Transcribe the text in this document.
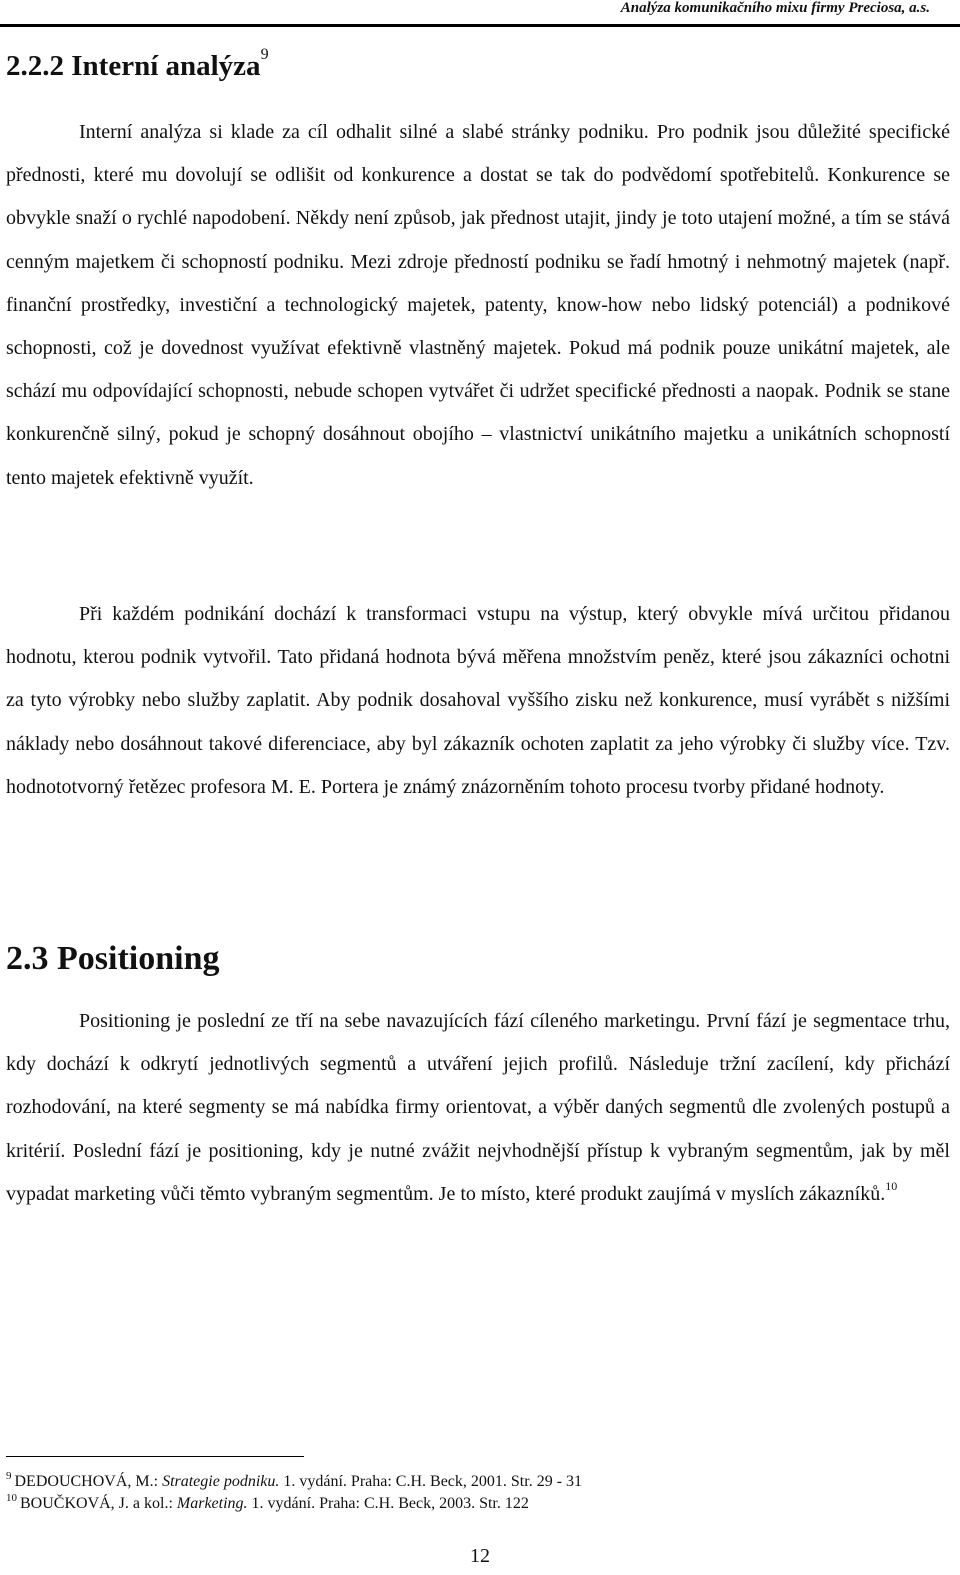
Analýza komunikačního mixu firmy Preciosa, a.s.
2.2.2 Interní analýza$^9$

Interní analýza si klade za cíl odhalit silné a slabé stránky podniku. Pro podnik jsou důležité specifické přednosti, které mu dovolují se odlišit od konkurence a dostat se tak do podvědomí spotřebitelů. Konkurence se obvykle snaží o rychlé napodobení. Někdy není způsob, jak přednost utajit, jindy je toto utajení možné, a tím se stává cenným majetkem či schopností podniku. Mezi zdroje předností podniku se řadí hmotný i nehmotný majetek (např. finanční prostředky, investiční a technologický majetek, patenty, know-how nebo lidský potenciál) a podnikové schopnosti, což je dovednost využívat efektivně vlastněný majetek. Pokud má podnik pouze unikátní majetek, ale schází mu odpovídající schopnosti, nebude schopen vytvářet či udržet specifické přednosti a naopak. Podnik se stane konkurenčně silný, pokud je schopný dosáhnout obojího – vlastnictví unikátního majetku a unikátních schopností tento majetek efektivně využít.

Při každém podnikání dochází k transformaci vstupu na výstup, který obvykle mívá určitou přidanou hodnotu, kterou podnik vytvořil. Tato přidaná hodnota bývá měřena množstvím peněz, které jsou zákazníci ochotni za tyto výrobky nebo služby zaplatit. Aby podnik dosahoval vyššího zisku než konkurence, musí vyrábět s nižšími náklady nebo dosáhnout takové diferenciace, aby byl zákazník ochoten zaplatit za jeho výrobky či služby více. Tzv. hodnototvorný řetězec profesora M. E. Portera je známý znázorněním tohoto procesu tvorby přidané hodnoty.

2.3 Positioning

Positioning je poslední ze tří na sebe navazujících fází cíleného marketingu. První fází je segmentace trhu, kdy dochází k odkrytí jednotlivých segmentů a utváření jejich profilů. Následuje tržní zacílení, kdy přichází rozhodování, na které segmenty se má nabídka firmy orientovat, a výběr daných segmentů dle zvolených postupů a kritérií. Poslední fází je positioning, kdy je nutné zvážit nejvhodnější přístup k vybraným segmentům, jak by měl vypadat marketing vůči těmto vybraným segmentům. Je to místo, které produkt zaujímá v myslích zákazníků.$^{10}$

$^9$ DEDOUCHOVÁ, M.: Strategie podniku. 1. vydání. Praha: C.H. Beck, 2001. Str. 29 - 31

$^{10}$ BOUČKOVÁ, J. a kol.: Marketing. 1. vydání. Praha: C.H. Beck, 2003. Str. 122

12
